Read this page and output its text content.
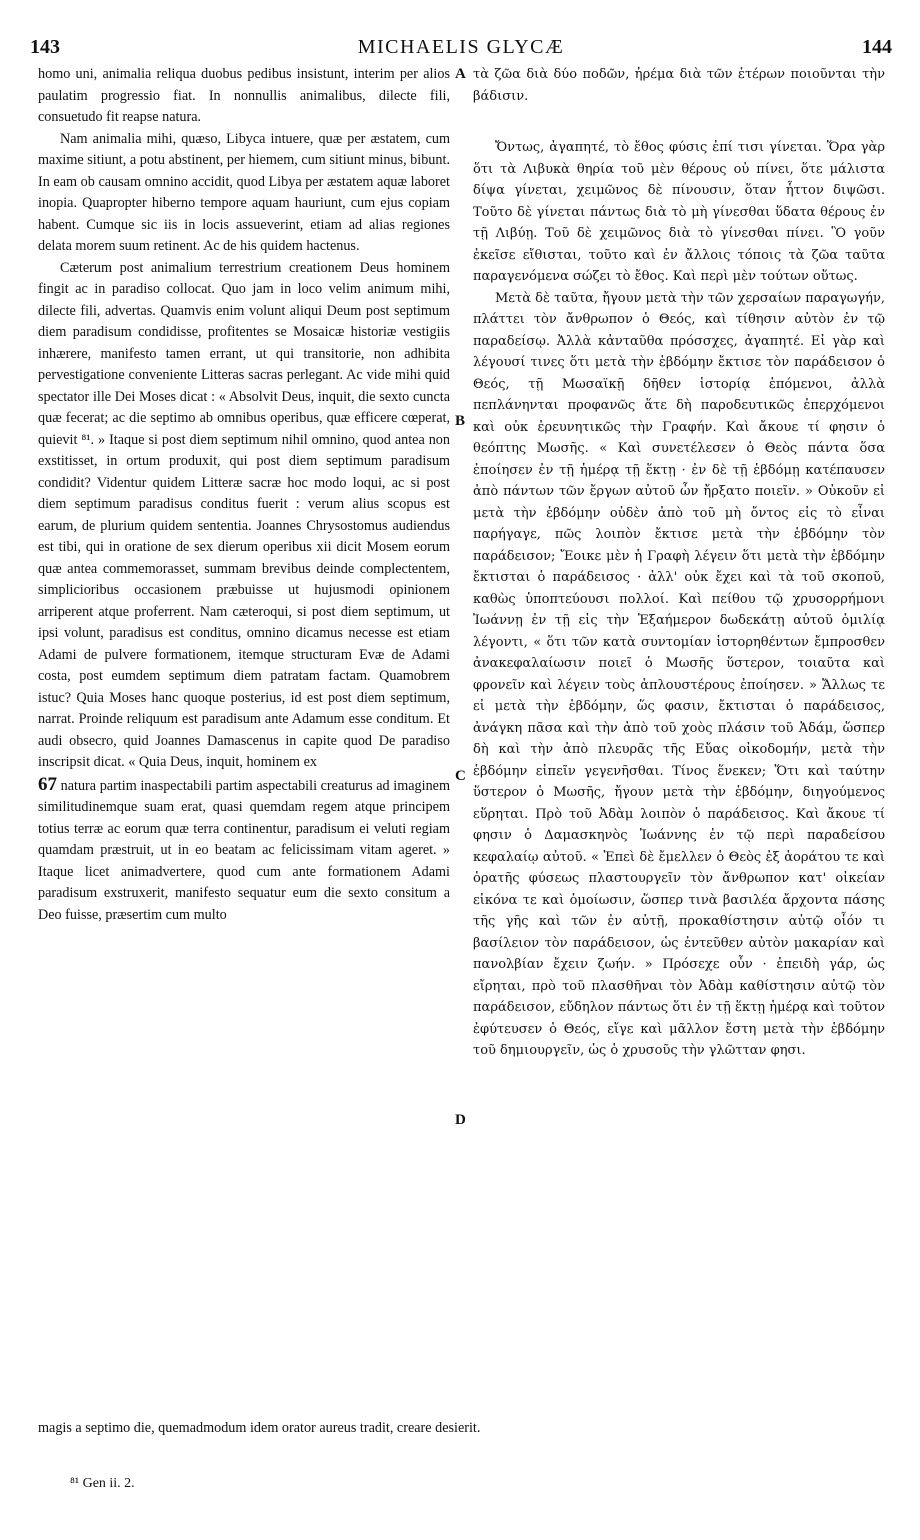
143	MICHAELIS GLYCÆ	144

homo uni, animalia reliqua duobus pedibus insistunt, interim per alios paulatim progressio fiat. In nonnullis animalibus, dilecte fili, consuetudo fit reapse natura.

Nam animalia mihi, quæso, Libyca intuere, quæ per æstatem, cum maxime sitiunt, a potu abstinent, per hiemem, cum sitiunt minus, bibunt. In eam ob causam omnino accidit, quod Libya per æstatem aquæ laboret inopia. Quapropter hiberno tempore aquam hauriunt, cum ejus copiam habent. Cumque sic iis in locis assueverint, etiam ad alias regiones delata morem suum retinent. Ac de his quidem hactenus.

Cæterum post animalium terrestrium creationem Deus hominem fingit ac in paradiso collocat. Quo jam in loco velim animum mihi, dilecte fili, advertas. Quamvis enim volunt aliqui Deum post septimum diem paradisum condidisse, profitentes se Mosaicæ historiæ vestigiis inhærere, manifesto tamen errant, ut qui transitorie, non adhibita pervestigatione conveniente Litteras sacras perlegant. Ac vide mihi quid spectator ille Dei Moses dicat : « Absolvit Deus, inquit, die sexto cuncta quæ fecerat; ac die septimo ab omnibus operibus, quæ efficere cœperat, quievit ⁸¹. » Itaque si post diem septimum nihil omnino, quod antea non exstitisset, in ortum produxit, qui post diem septimum paradisum condidit? Videntur quidem Litteræ sacræ hoc modo loqui, ac si post diem septimum paradisus conditus fuerit : verum alius scopus est earum, de plurium quidem sententia. Joannes Chrysostomus audiendus est tibi, qui in oratione de sex dierum operibus xii dicit Mosem eorum quæ antea commemorasset, summam brevibus deinde complectentem, simplicioribus occasionem præbuisse ut hujusmodi opinionem arriperent atque proferrent. Nam cæteroqui, si post diem septimum, ut ipsi volunt, paradisus est conditus, omnino dicamus necesse est etiam Adami de pulvere formationem, itemque structuram Evæ de Adami costa, post eumdem septimum diem patratam factam. Quamobrem istuc? Quia Moses hanc quoque posterius, id est post diem septimum, narrat. Proinde reliquum est paradisum ante Adamum esse conditum. Et audi obsecro, quid Joannes Damascenus in capite quod De paradiso inscripsit dicat. « Quia Deus, inquit, hominem ex

67 natura partim inaspectabili partim aspectabili creaturus ad imaginem similitudinemque suam erat, quasi quemdam regem atque principem totius terræ ac eorum quæ terra continentur, paradisum ei veluti regiam quamdam præstruit, ut in eo beatam ac felicissimam vitam ageret. » Itaque licet animadvertere, quod cum ante formationem Adami paradisum exstruxerit, manifesto sequatur eum die sexto consitum a Deo fuisse, præsertim cum multo

A
B
C
D

τὰ ζῶα διὰ δύο ποδῶν, ἠρέμα διὰ τῶν ἑτέρων ποιοῦνται τὴν βάδισιν.

Ὄντως, ἀγαπητέ, τὸ ἔθος φύσις ἐπί τισι γίνεται. Ὅρα γὰρ ὅτι τὰ Λιβυκὰ θηρία τοῦ μὲν θέρους οὐ πίνει, ὅτε μάλιστα δίψα γίνεται, χειμῶνος δὲ πίνουσιν, ὅταν ἧττον διψῶσι. Τοῦτο δὲ γίνεται πάντως διὰ τὸ μὴ γίνεσθαι ὕδατα θέρους ἐν τῇ Λιβύῃ. Τοῦ δὲ χειμῶνος διὰ τὸ γίνεσθαι πίνει. Ὃ γοῦν ἐκεῖσε εἴθισται, τοῦτο καὶ ἐν ἄλλοις τόποις τὰ ζῶα ταῦτα παραγενόμενα σώζει τὸ ἔθος. Καὶ περὶ μὲν τούτων οὕτως.

Μετὰ δὲ ταῦτα, ἤγουν μετὰ τὴν τῶν χερσαίων παραγωγήν, πλάττει τὸν ἄνθρωπον ὁ Θεός, καὶ τίθησιν αὐτὸν ἐν τῷ παραδείσῳ. Ἀλλὰ κἀνταῦθα πρόσσχες, ἀγαπητέ. Εἰ γὰρ καὶ λέγουσί τινες ὅτι μετὰ τὴν ἑβδόμην ἔκτισε τὸν παράδεισον ὁ Θεός, τῇ Μωσαϊκῇ δῆθεν ἱστορίᾳ ἑπόμενοι, ἀλλὰ πεπλάνηνται προφανῶς ἅτε δὴ παροδευτικῶς ἐπερχόμενοι καὶ οὐκ ἐρευνητικῶς τὴν Γραφήν. Καὶ ἄκουε τί φησιν ὁ θεόπτης Μωσῆς. « Καὶ συνετέλεσεν ὁ Θεὸς πάντα ὅσα ἐποίησεν ἐν τῇ ἡμέρᾳ τῇ ἕκτῃ · ἐν δὲ τῇ ἑβδόμῃ κατέπαυσεν ἀπὸ πάντων τῶν ἔργων αὐτοῦ ὧν ἤρξατο ποιεῖν. » Οὐκοῦν εἰ μετὰ τὴν ἑβδόμην οὐδὲν ἀπὸ τοῦ μὴ ὄντος εἰς τὸ εἶναι παρήγαγε, πῶς λοιπὸν ἔκτισε μετὰ τὴν ἑβδόμην τὸν παράδεισον; Ἔοικε μὲν ἡ Γραφὴ λέγειν ὅτι μετὰ τὴν ἑβδόμην ἔκτισται ὁ παράδεισος · ἀλλ' οὐκ ἔχει καὶ τὰ τοῦ σκοποῦ, καθὼς ὑποπτεύουσι πολλοί. Καὶ πείθου τῷ χρυσορρήμονι Ἰωάννῃ ἐν τῇ εἰς τὴν Ἑξαήμερον δωδεκάτῃ αὐτοῦ ὁμιλίᾳ λέγοντι, « ὅτι τῶν κατὰ συντομίαν ἱστορηθέντων ἔμπροσθεν ἀνακεφαλαίωσιν ποιεῖ ὁ Μωσῆς ὕστερον, τοιαῦτα καὶ φρονεῖν καὶ λέγειν τοὺς ἁπλουστέρους ἐποίησεν. » Ἄλλως τε εἰ μετὰ τὴν ἑβδόμην, ὥς φασιν, ἔκτισται ὁ παράδεισος, ἀνάγκη πᾶσα καὶ τὴν ἀπὸ τοῦ χοὸς πλάσιν τοῦ Ἀδάμ, ὥσπερ δὴ καὶ τὴν ἀπὸ πλευρᾶς τῆς Εὔας οἰκοδομήν, μετὰ τὴν ἑβδόμην εἰπεῖν γεγενῆσθαι. Τίνος ἕνεκεν; Ὅτι καὶ ταύτην ὕστερον ὁ Μωσῆς, ἤγουν μετὰ τὴν ἑβδόμην, διηγούμενος εὕρηται. Πρὸ τοῦ Ἀδὰμ λοιπὸν ὁ παράδεισος. Καὶ ἄκουε τί φησιν ὁ Δαμασκηνὸς Ἰωάννης ἐν τῷ περὶ παραδείσου κεφαλαίῳ αὐτοῦ. « Ἐπεὶ δὲ ἔμελλεν ὁ Θεὸς ἐξ ἀοράτου τε καὶ ὁρατῆς φύσεως πλαστουργεῖν τὸν ἄνθρωπον κατ' οἰκείαν εἰκόνα τε καὶ ὁμοίωσιν, ὥσπερ τινὰ βασιλέα ἄρχοντα πάσης τῆς γῆς καὶ τῶν ἐν αὐτῇ, προκαθίστησιν αὐτῷ οἷόν τι βασίλειον τὸν παράδεισον, ὡς ἐντεῦθεν αὐτὸν μακαρίαν καὶ πανολβίαν ἔχειν ζωήν. » Πρόσεχε οὖν · ἐπειδὴ γάρ, ὡς εἴρηται, πρὸ τοῦ πλασθῆναι τὸν Ἀδὰμ καθίστησιν αὐτῷ τὸν παράδεισον, εὔδηλον πάντως ὅτι ἐν τῇ ἕκτῃ ἡμέρᾳ καὶ τοῦτον ἐφύτευσεν ὁ Θεός, εἴγε καὶ μᾶλλον ἔστη μετὰ τὴν ἑβδόμην τοῦ δημιουργεῖν, ὡς ὁ χρυσοῦς τὴν γλῶτταν φησι.

magis a septimo die, quemadmodum idem orator aureus tradit, creare desierit.
⁸¹ Gen ii. 2.
